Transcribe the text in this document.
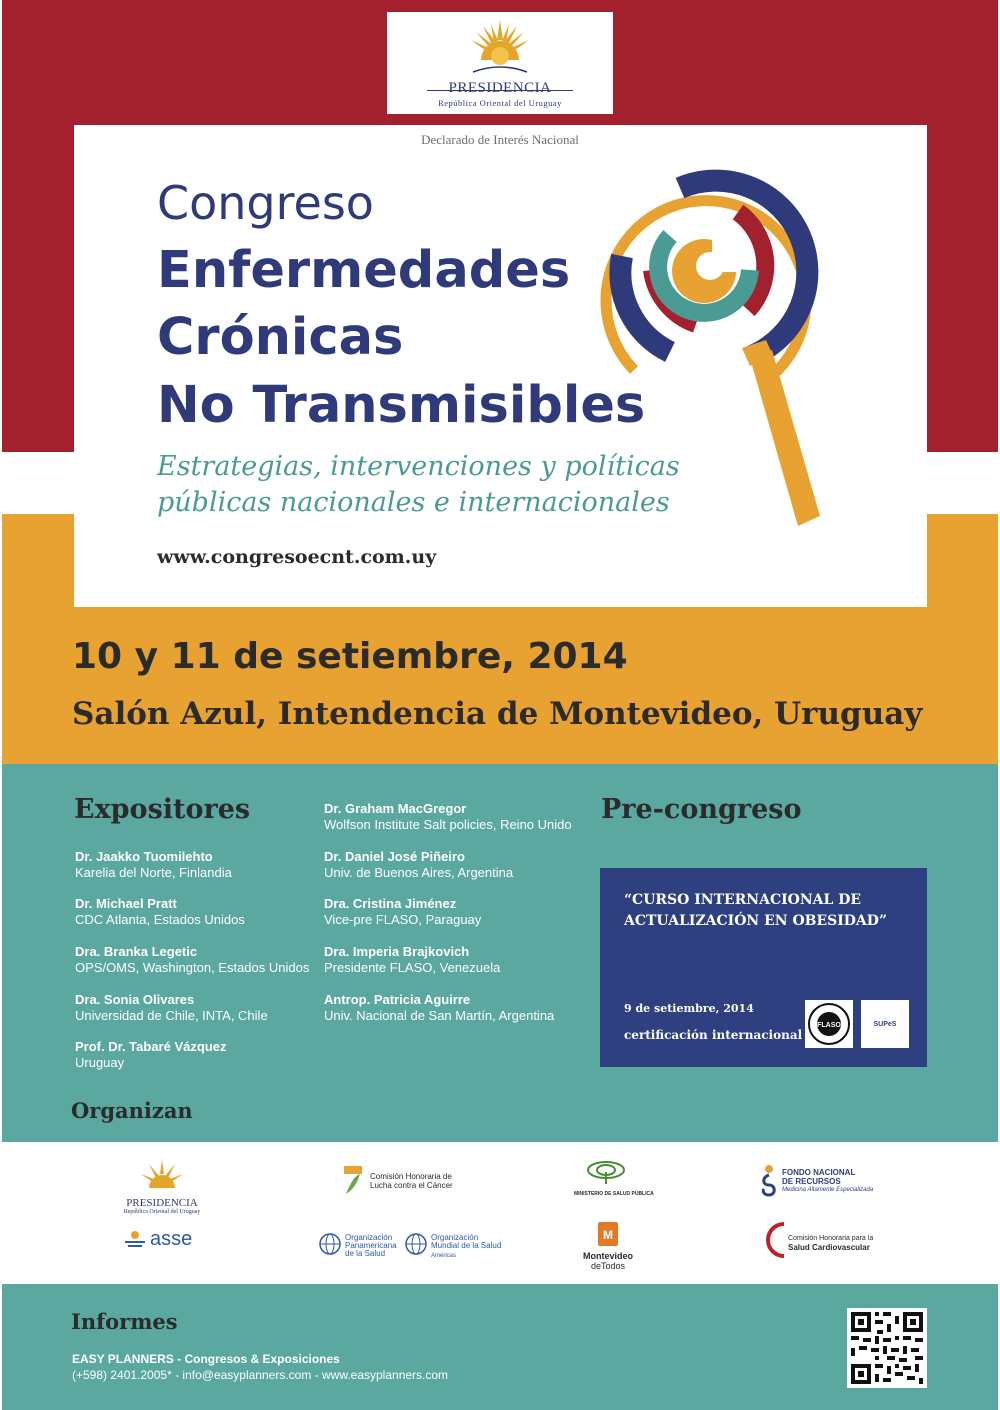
PRESIDENCIA
República Oriental del Uruguay
Declarado de Interés Nacional
Congreso
Enfermedades
Crónicas
No Transmisibles
Estrategias, intervenciones y políticas
públicas nacionales e internacionales
www.congresoecnt.com.uy
10 y 11 de setiembre, 2014
Salón Azul, Intendencia de Montevideo, Uruguay
Expositores
Dr. Jaakko Tuomilehto
Karelia del Norte, Finlandia
Dr. Michael Pratt
CDC Atlanta, Estados Unidos
Dra. Branka Legetic
OPS/OMS, Washington, Estados Unidos
Dra. Sonia Olivares
Universidad de Chile, INTA, Chile
Prof. Dr. Tabaré Vázquez
Uruguay
Dr. Graham MacGregor
Wolfson Institute Salt policies, Reino Unido
Dr. Daniel José Piñeiro
Univ. de Buenos Aires, Argentina
Dra. Cristina Jiménez
Vice-pre FLASO, Paraguay
Dra. Imperia Brajkovich
Presidente FLASO, Venezuela
Antrop. Patricia Aguirre
Univ. Nacional de San Martín, Argentina
Pre-congreso
“CURSO INTERNACIONAL DE
ACTUALIZACIÓN EN OBESIDAD”
9 de setiembre, 2014
certificación internacional
FLASO	SUPeS
Organizan
PRESIDENCIA
República Oriental del Uruguay
Comisión Honoraria de
Lucha contra el Cáncer
MINISTERIO DE SALUD PÚBLICA
FONDO NACIONAL
DE RECURSOS
Medicina Altamente Especializada
asse	Organización
Panamericana
de la Salud
Organización
Mundial de la Salud
Américas
M
Montevideo
deTodos
Comisión Honoraria para la
Salud Cardiovascular
Informes
EASY PLANNERS - Congresos & Exposiciones
(+598) 2401.2005* - info@easyplanners.com - www.easyplanners.com
